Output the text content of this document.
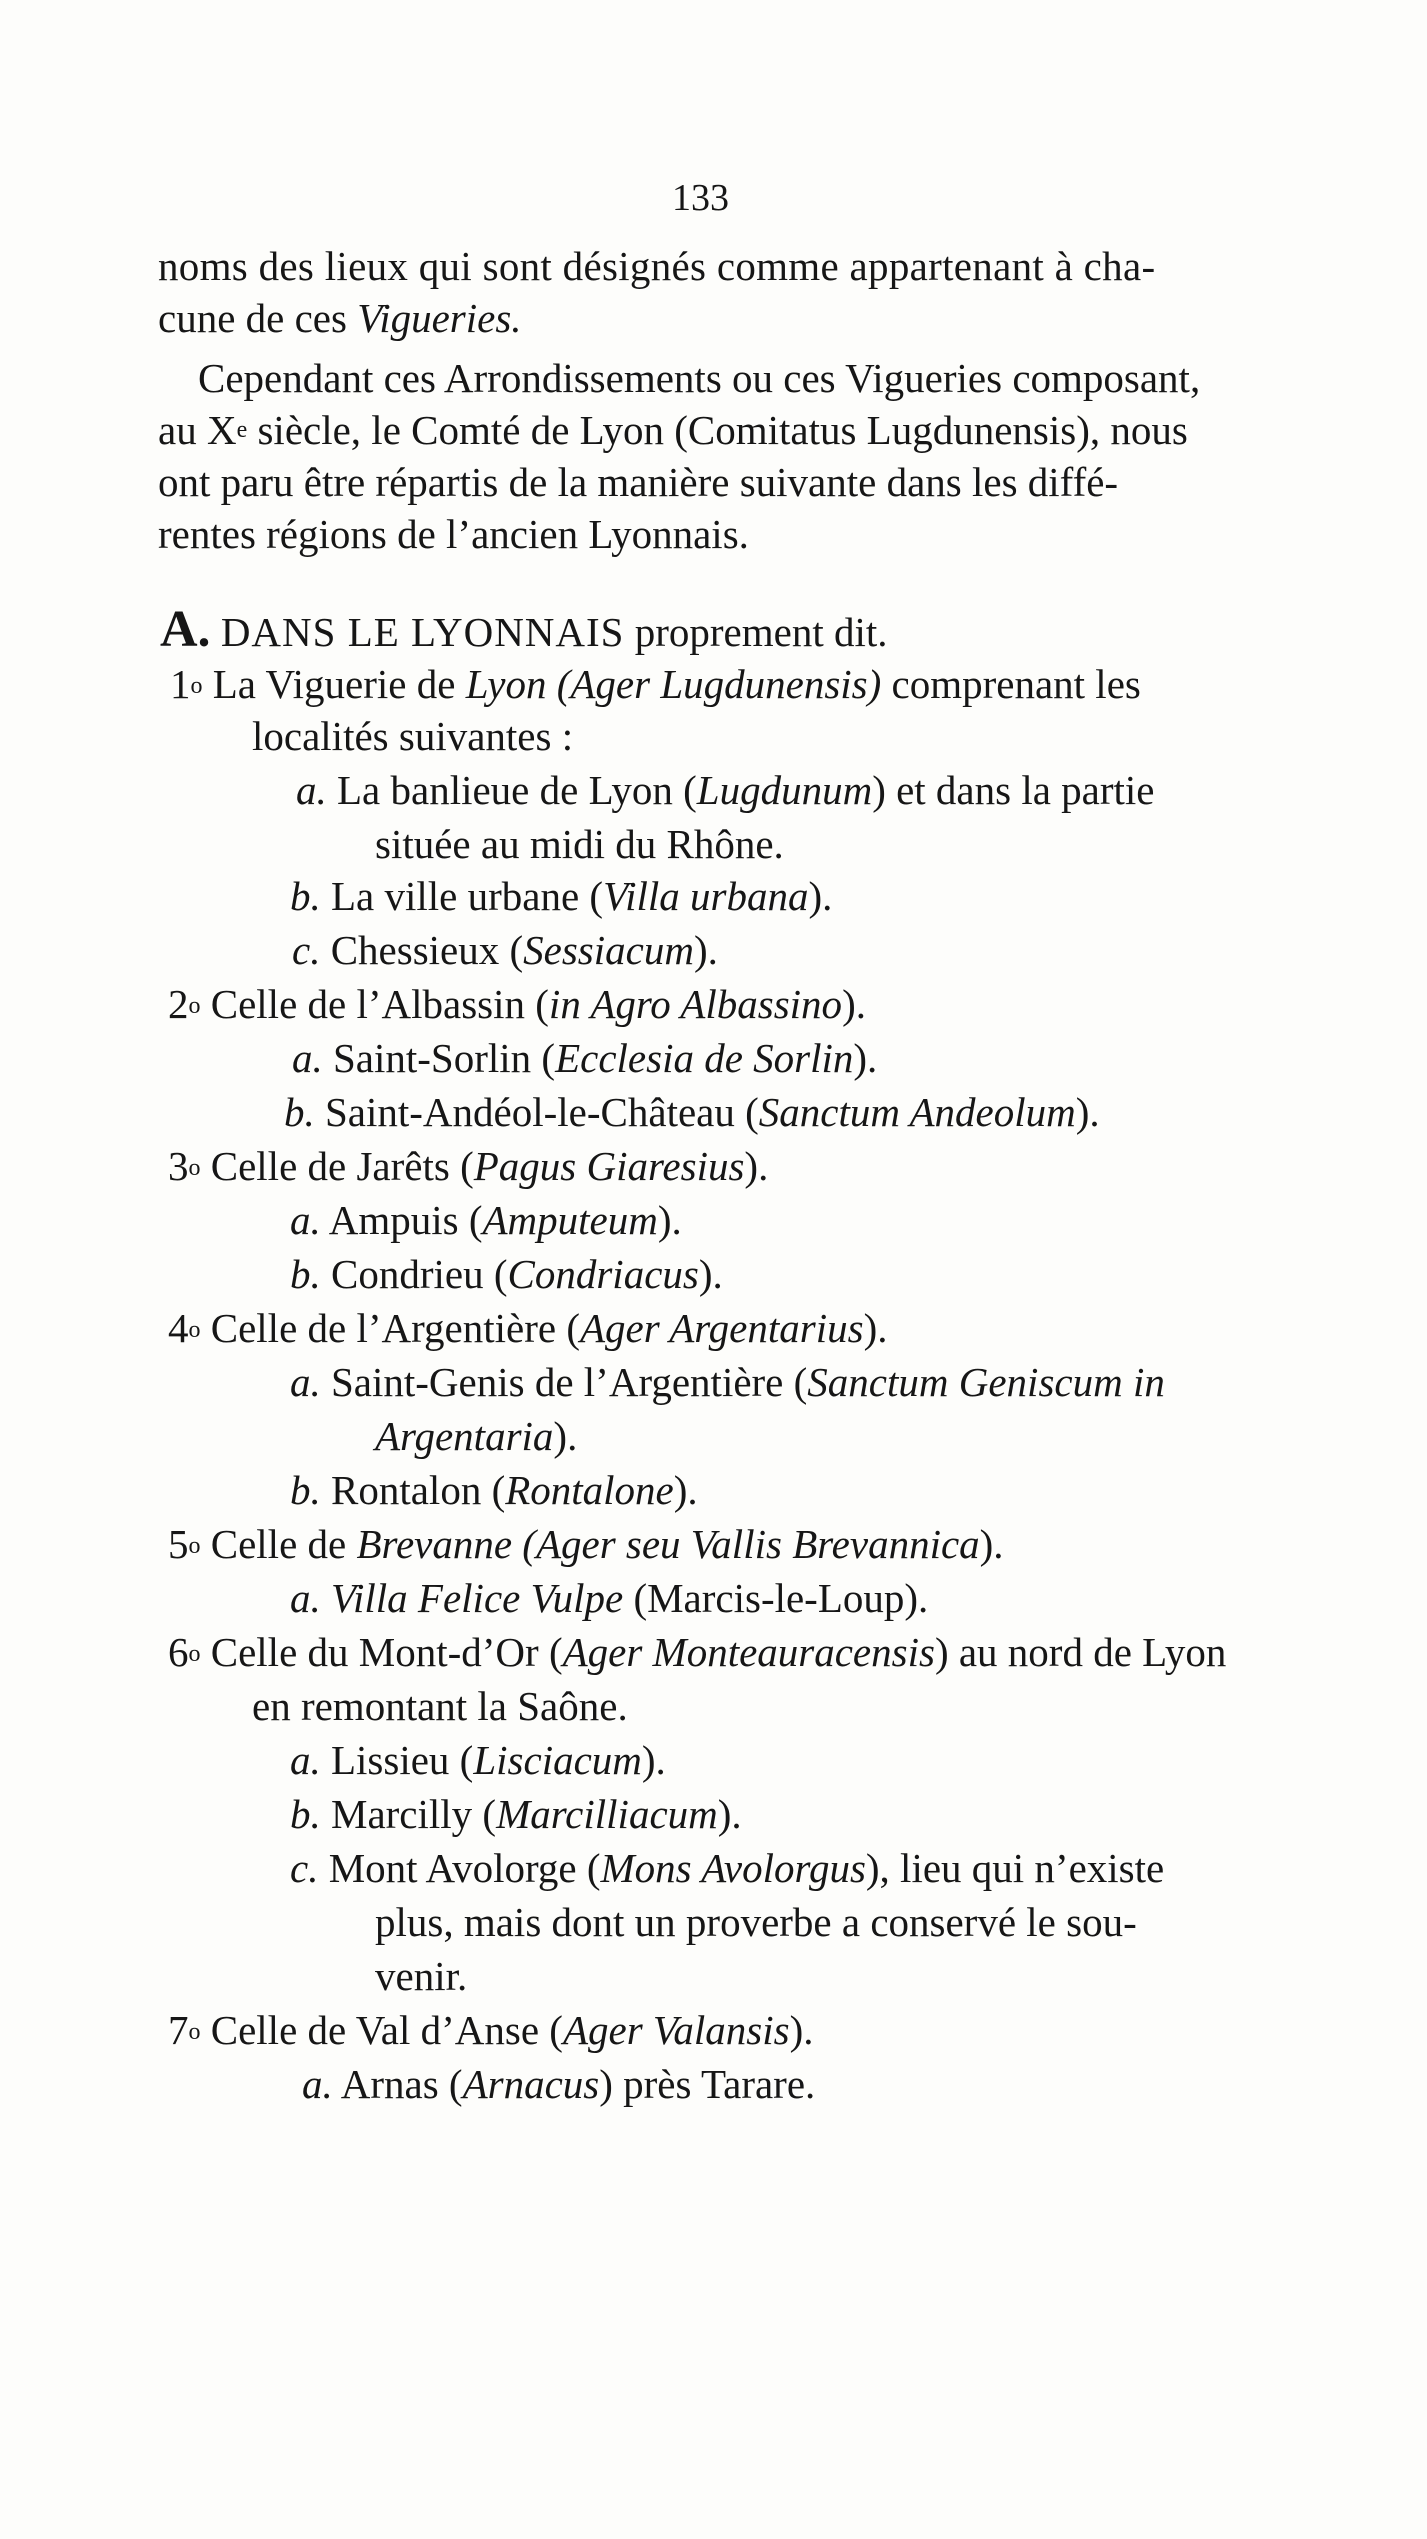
133
noms des lieux qui sont désignés comme appartenant à cha-
cune de ces Vigueries.
Cependant ces Arrondissements ou ces Vigueries composant,
au Xe siècle, le Comté de Lyon (Comitatus Lugdunensis), nous
ont paru être répartis de la manière suivante dans les diffé-
rentes régions de l’ancien Lyonnais.
A. DANS LE LYONNAIS proprement dit.
1$^o$ La Viguerie de Lyon (Ager Lugdunensis) comprenant les
localités suivantes :
a. La banlieue de Lyon (Lugdunum) et dans la partie
située au midi du Rhône.
b. La ville urbane (Villa urbana).
c. Chessieux (Sessiacum).
2$^o$ Celle de l’Albassin (in Agro Albassino).
a. Saint-Sorlin (Ecclesia de Sorlin).
b. Saint-Andéol-le-Château (Sanctum Andeolum).
3$^o$ Celle de Jarêts (Pagus Giaresius).
a. Ampuis (Amputeum).
b. Condrieu (Condriacus).
4$^o$ Celle de l’Argentière (Ager Argentarius).
a. Saint-Genis de l’Argentière (Sanctum Geniscum in
Argentaria).
b. Rontalon (Rontalone).
5$^o$ Celle de Brevanne (Ager seu Vallis Brevannica).
a. Villa Felice Vulpe (Marcis-le-Loup).
6$^o$ Celle du Mont-d’Or (Ager Monteauracensis) au nord de Lyon
en remontant la Saône.
a. Lissieu (Lisciacum).
b. Marcilly (Marcilliacum).
c. Mont Avolorge (Mons Avolorgus), lieu qui n’existe
plus, mais dont un proverbe a conservé le sou-
venir.
7$^o$ Celle de Val d’Anse (Ager Valansis).
a. Arnas (Arnacus) près Tarare.
